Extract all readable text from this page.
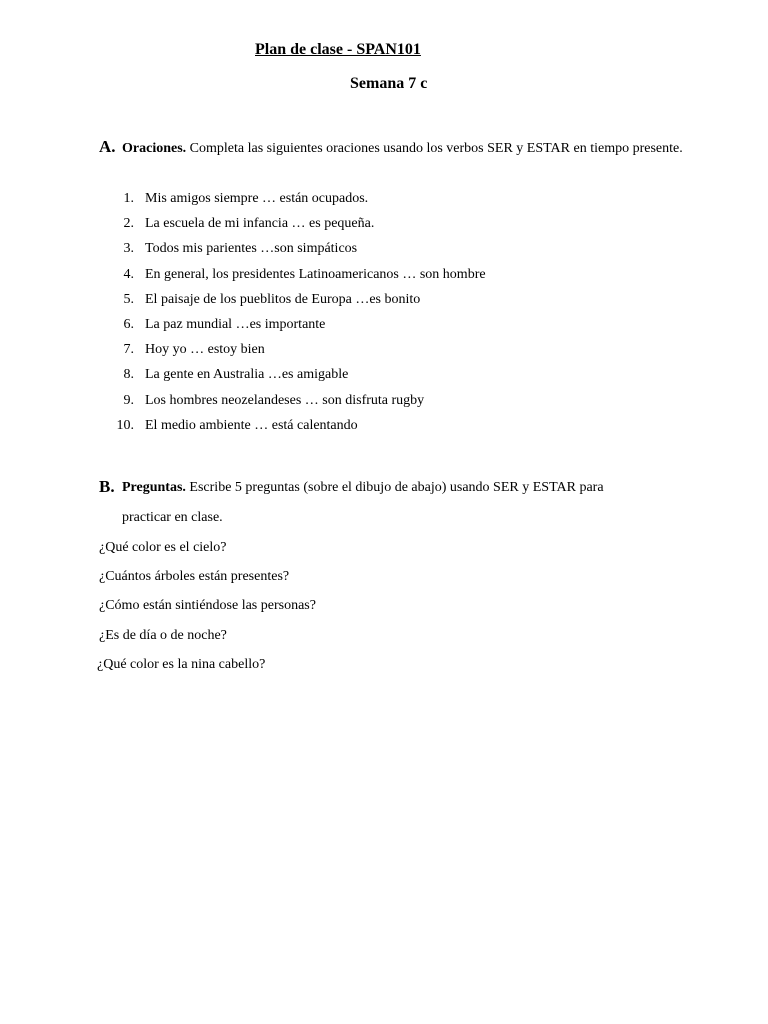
Plan de clase - SPAN101
Semana 7 c
A. Oraciones. Completa las siguientes oraciones usando los verbos SER y ESTAR en tiempo presente.
1. Mis amigos siempre … están ocupados.
2. La escuela de mi infancia … es pequeña.
3. Todos mis parientes …son simpáticos
4. En general, los presidentes Latinoamericanos … son hombre
5. El paisaje de los pueblitos de Europa …es bonito
6. La paz mundial …es importante
7. Hoy yo … estoy bien
8. La gente en Australia …es amigable
9. Los hombres neozelandeses … son disfruta rugby
10. El medio ambiente … está calentando
B. Preguntas. Escribe 5 preguntas (sobre el dibujo de abajo) usando SER y ESTAR para
practicar en clase.
¿Qué color es el cielo?
¿Cuántos árboles están presentes?
¿Cómo están sintiéndose las personas?
¿Es de día o de noche?
¿Qué color es la nina cabello?
